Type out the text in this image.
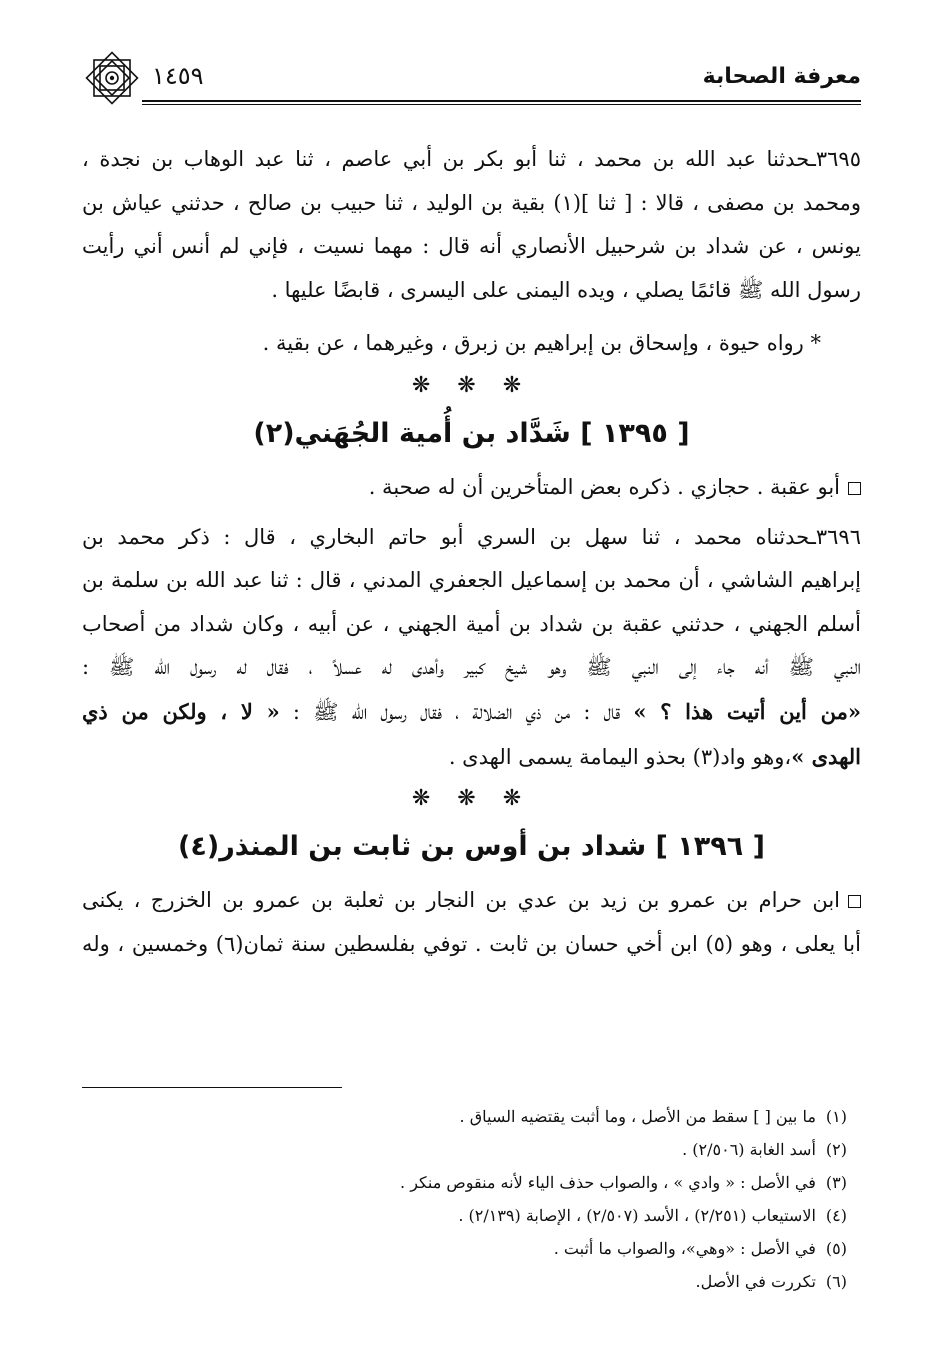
معرفة الصحابة
١٤٥٩

٣٦٩٥ـحدثنا عبد الله بن محمد ، ثنا أبو بكر بن أبي عاصم ، ثنا عبد الوهاب بن نجدة ،
ومحمد بن مصفى ، قالا : [ ثنا ](١) بقية بن الوليد ، ثنا حبيب بن صالح ، حدثني عياش بن
يونس ، عن شداد بن شرحبيل الأنصاري أنه قال : مهما نسيت ، فإني لم أنس أني رأيت
رسول الله ﷺ قائمًا يصلي ، ويده اليمنى على اليسرى ، قابضًا عليها .

* رواه حيوة ، وإسحاق بن إبراهيم بن زبرق ، وغيرهما ، عن بقية .

❋ ❋ ❋
[ ١٣٩٥ ] شَدَّاد بن أُمية الجُهَني(٢)

أبو عقبة . حجازي . ذكره بعض المتأخرين أن له صحبة .

٣٦٩٦ـحدثناه محمد ، ثنا سهل بن السري أبو حاتم البخاري ، قال : ذكر محمد بن
إبراهيم الشاشي ، أن محمد بن إسماعيل الجعفري المدني ، قال : ثنا عبد الله بن سلمة بن
أسلم الجهني ، حدثني عقبة بن شداد بن أمية الجهني ، عن أبيه ، وكان شداد من أصحاب
النبي ﷺ أنه جاء إلى النبي ﷺ وهو شيخ كبير وأهدى له عسلاً ، فقال له رسول الله ﷺ :
«من أين أتيت هذا ؟ » قال : من ذي الضلالة ، فقال رسول الله ﷺ : « لا ، ولكن من ذي
الهدى »،وهو واد(٣) بحذو اليمامة يسمى الهدى .

❋ ❋ ❋
[ ١٣٩٦ ] شداد بن أوس بن ثابت بن المنذر(٤)

ابن حرام بن عمرو بن زيد بن عدي بن النجار بن ثعلبة بن عمرو بن الخزرج ، يكنى
أبا يعلى ، وهو (٥) ابن أخي حسان بن ثابت . توفي بفلسطين سنة ثمان(٦) وخمسين ، وله

(١)ما بين [ ] سقط من الأصل ، وما أثبت يقتضيه السياق .
(٢)أسد الغابة (٢/٥٠٦) .
(٣)في الأصل : « وادي » ، والصواب حذف الياء لأنه منقوص منكر .
(٤)الاستيعاب (٢/٢٥١) ، الأسد (٢/٥٠٧) ، الإصابة (٢/١٣٩) .
(٥)في الأصل : «وهي»، والصواب ما أثبت .
(٦)تكررت في الأصل.
